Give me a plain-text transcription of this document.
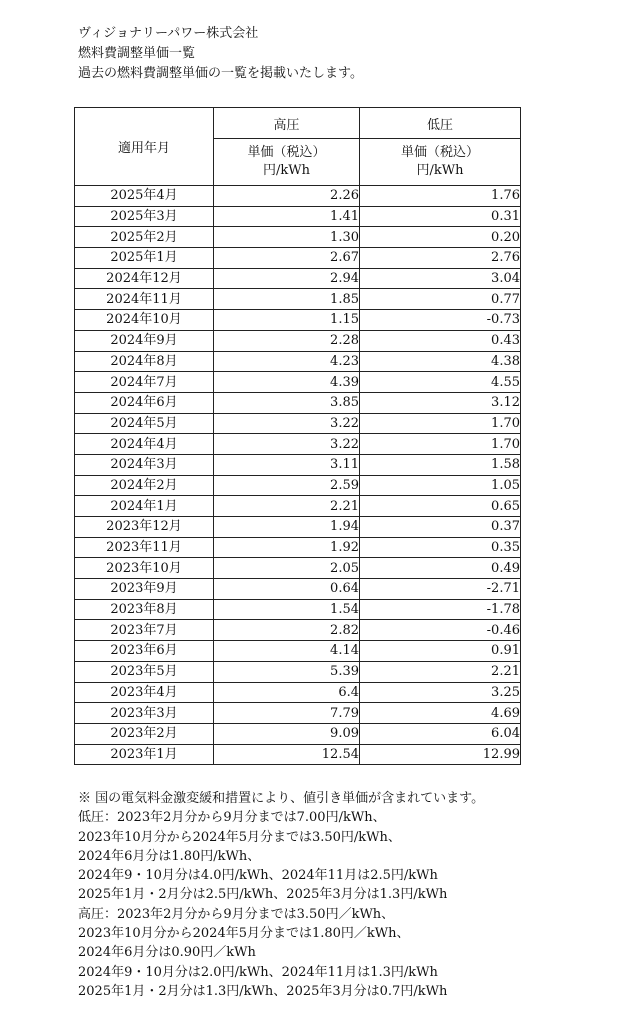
ヴィジョナリーパワー株式会社
燃料費調整単価一覧
過去の燃料費調整単価の一覧を掲載いたします。
適用年月	高圧	低圧

	単価（税込）
円/kWh	単価（税込）
円/kWh

2025年4月	2.26	1.76
2025年3月	1.41	0.31
2025年2月	1.30	0.20
2025年1月	2.67	2.76
2024年12月	2.94	3.04
2024年11月	1.85	0.77
2024年10月	1.15	-0.73
2024年9月	2.28	0.43
2024年8月	4.23	4.38
2024年7月	4.39	4.55
2024年6月	3.85	3.12
2024年5月	3.22	1.70
2024年4月	3.22	1.70
2024年3月	3.11	1.58
2024年2月	2.59	1.05
2024年1月	2.21	0.65
2023年12月	1.94	0.37
2023年11月	1.92	0.35
2023年10月	2.05	0.49
2023年9月	0.64	-2.71
2023年8月	1.54	-1.78
2023年7月	2.82	-0.46
2023年6月	4.14	0.91
2023年5月	5.39	2.21
2023年4月	6.4	3.25
2023年3月	7.79	4.69
2023年2月	9.09	6.04
2023年1月	12.54	12.99
※ 国の電気料金激変緩和措置により、値引き単価が含まれています。
低圧：2023年2月分から9月分までは7.00円/kWh、
2023年10月分から2024年5月分までは3.50円/kWh、
2024年6月分は1.80円/kWh、
2024年9・10月分は4.0円/kWh、2024年11月は2.5円/kWh
2025年1月・2月分は2.5円/kWh、2025年3月分は1.3円/kWh
高圧：2023年2月分から9月分までは3.50円／kWh、
2023年10月分から2024年5月分までは1.80円／kWh、
2024年6月分は0.90円／kWh
2024年9・10月分は2.0円/kWh、2024年11月は1.3円/kWh
2025年1月・2月分は1.3円/kWh、2025年3月分は0.7円/kWh
